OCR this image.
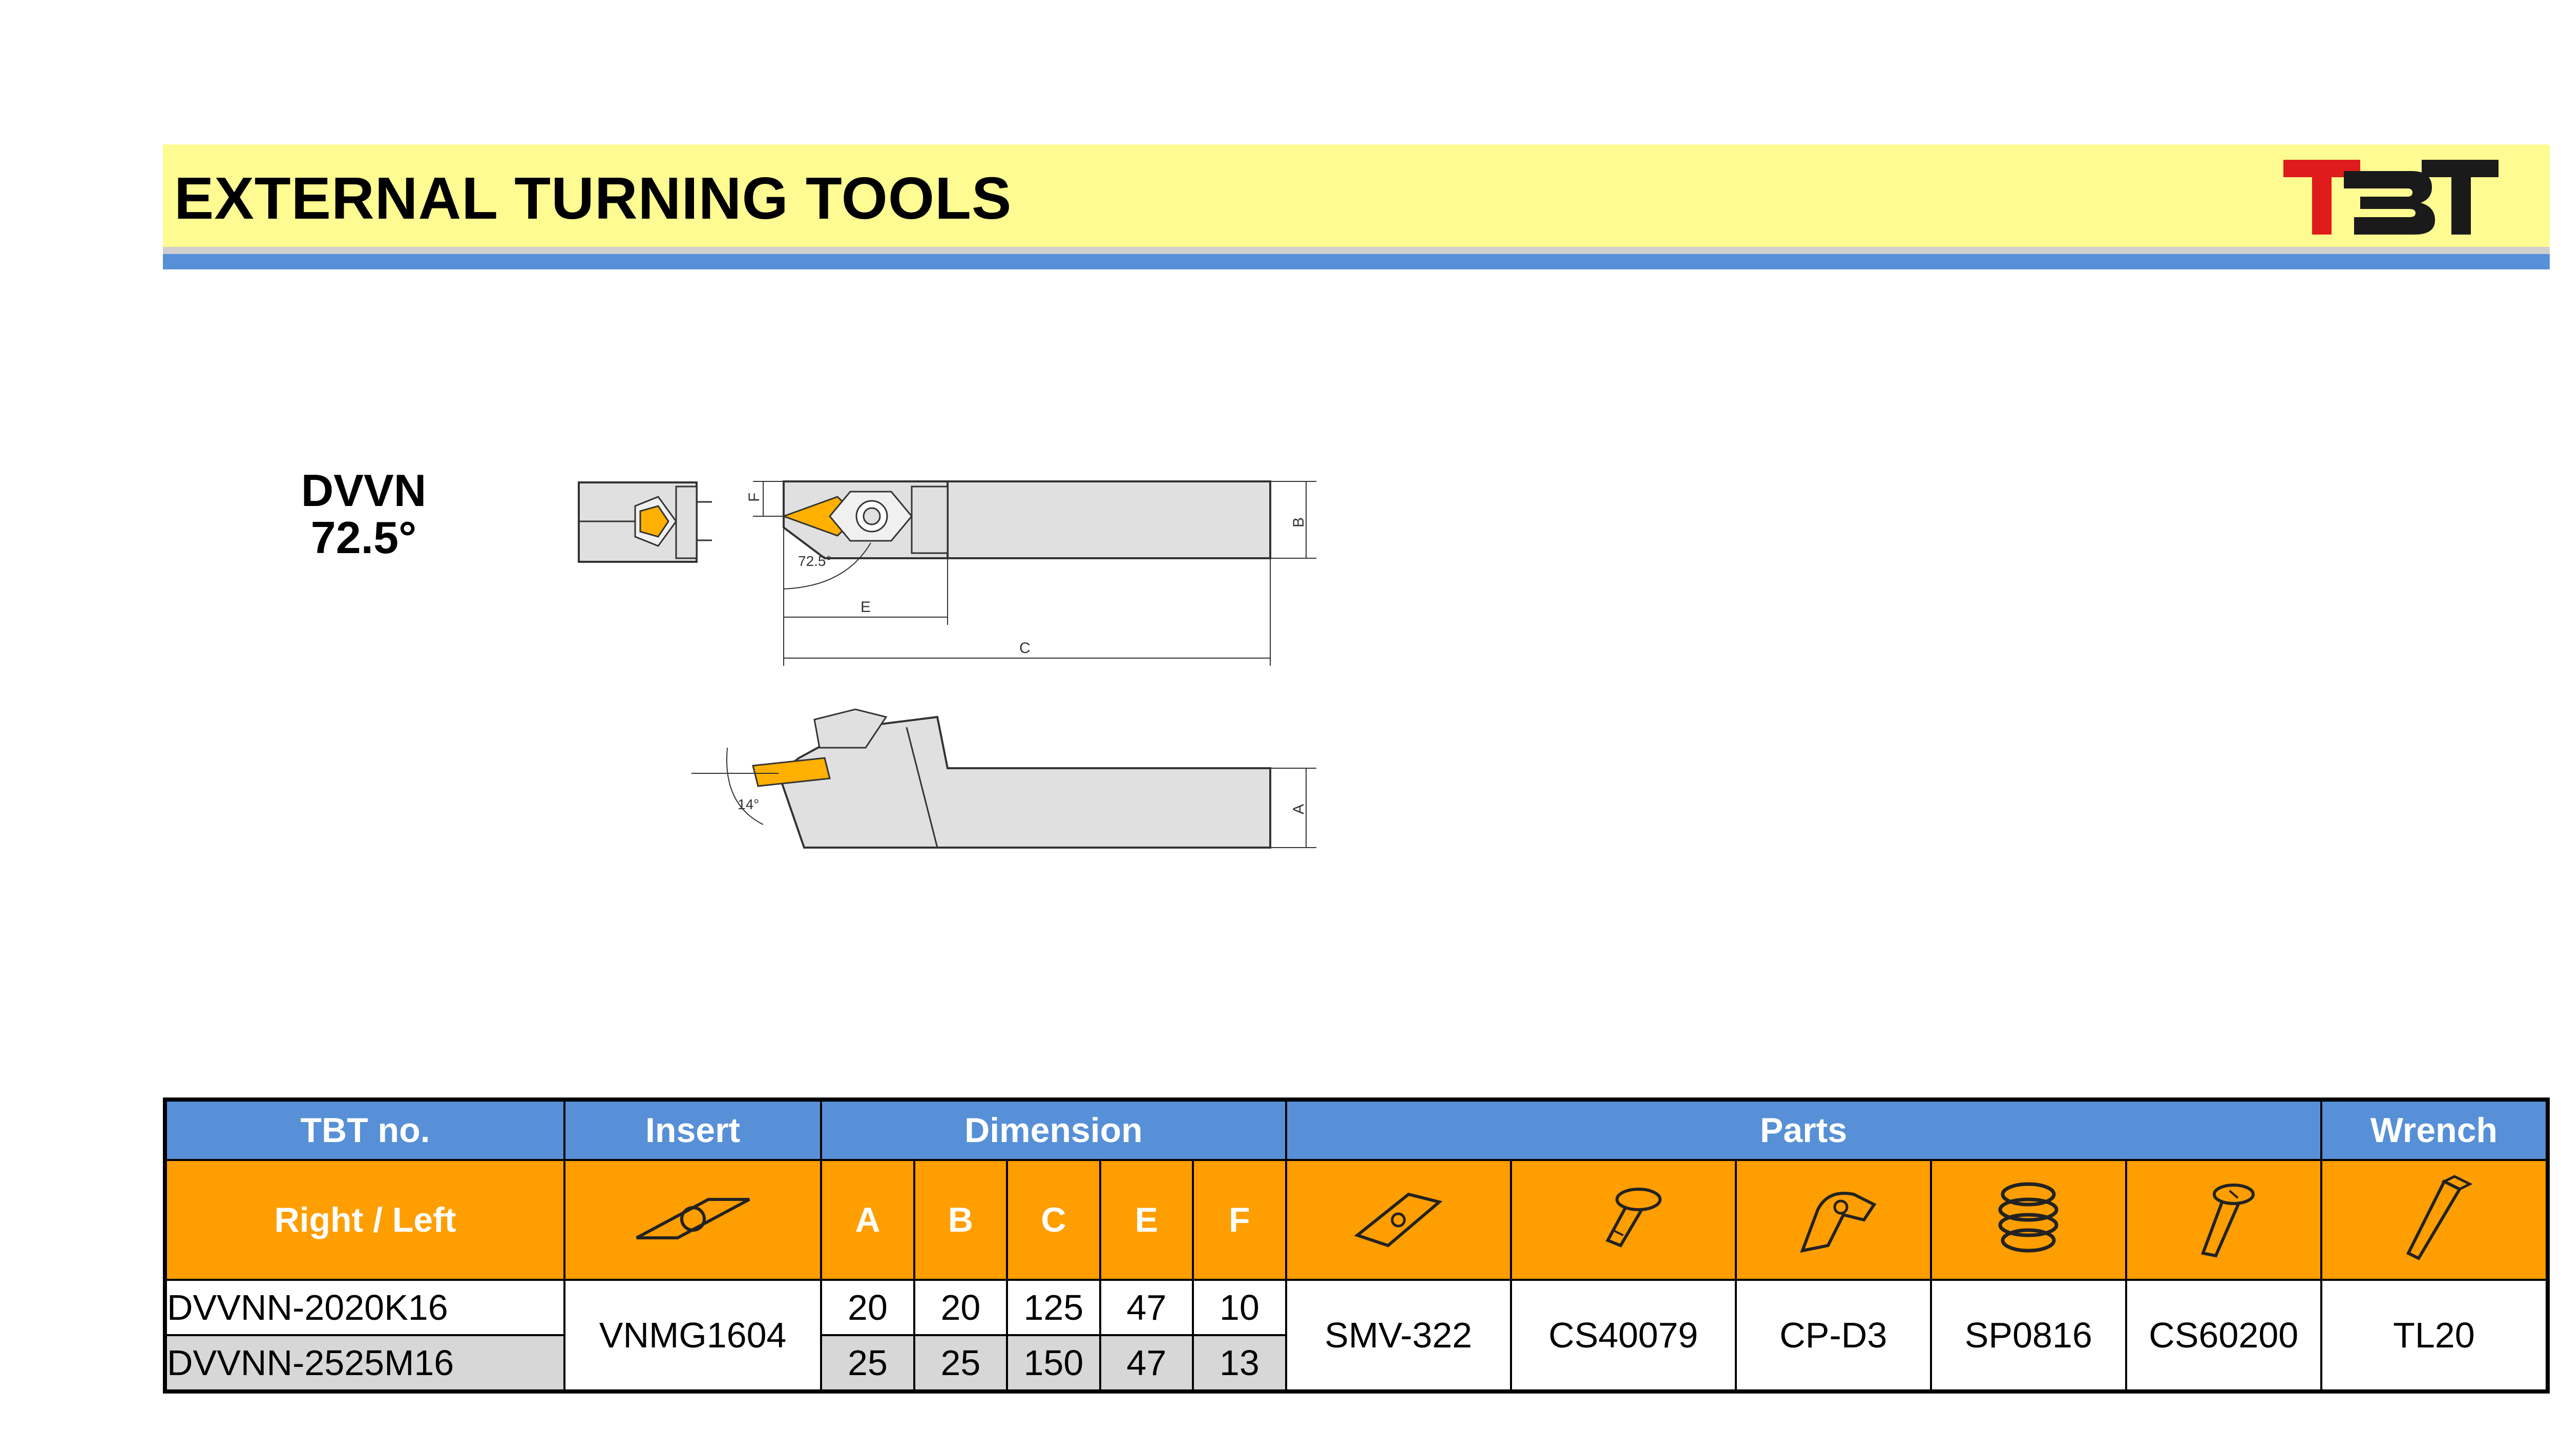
EXTERNAL TURNING TOOLS
DVVN
72.5°
F
B
72.5°
E
C
14°	A
TBT no.	Insert	Dimension					Parts					Wrench
Right / Left		A	B	C	E	F	

DVVNN-2020K16	VNMG1604	20	20	125	47	10	SMV-322	CS40079	CP-D3	SP0816	CS60200	TL20
DVVNN-2525M16		25	25	150	47	13						
